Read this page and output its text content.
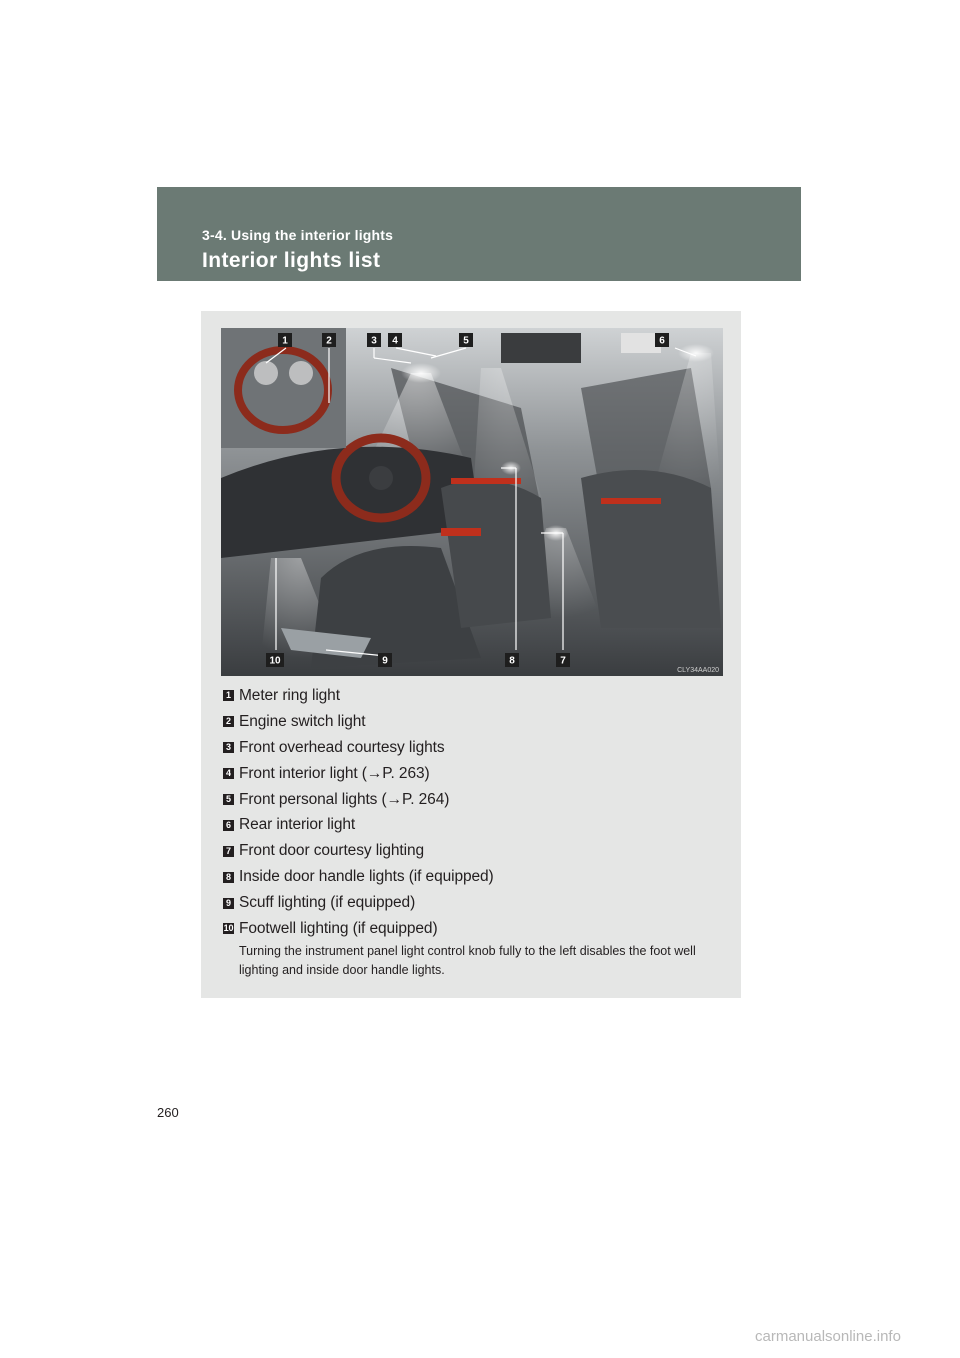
3-4. Using the interior lights
Interior lights list
1	2	3 4	5	6
7
8
9
10
CLY34AA020
1 Meter ring light
2 Engine switch light
3 Front overhead courtesy lights
4 Front interior light (→P. 263)
5 Front personal lights (→P. 264)
6 Rear interior light
7 Front door courtesy lighting
8 Inside door handle lights (if equipped)
9 Scuff lighting (if equipped)
10 Footwell lighting (if equipped)
Turning the instrument panel light control knob fully to the left disables the foot well lighting and inside door handle lights.
260
carmanualsonline.info
